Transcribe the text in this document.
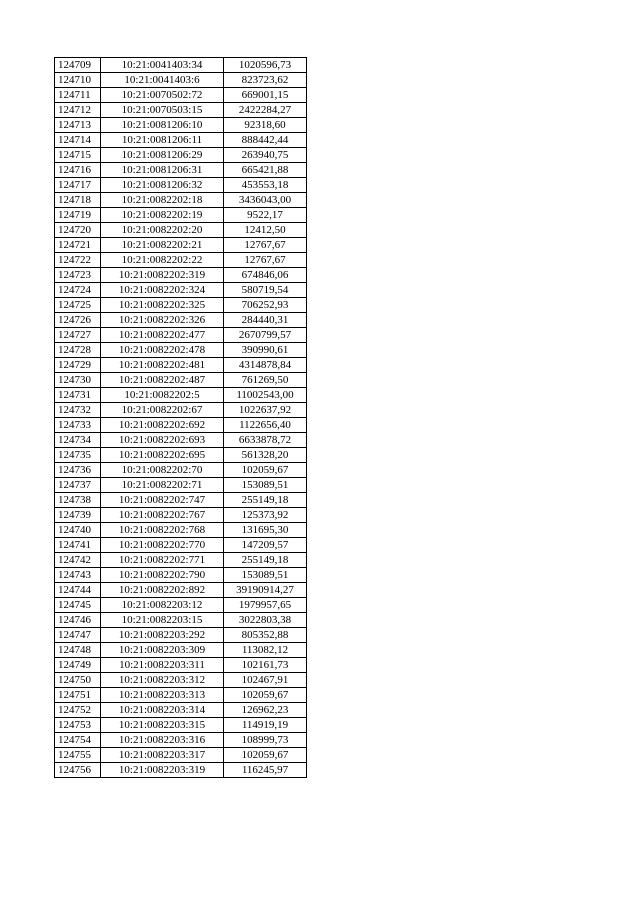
124709	10:21:0041403:34	1020596,73
124710	10:21:0041403:6	823723,62
124711	10:21:0070502:72	669001,15
124712	10:21:0070503:15	2422284,27
124713	10:21:0081206:10	92318,60
124714	10:21:0081206:11	888442,44
124715	10:21:0081206:29	263940,75
124716	10:21:0081206:31	665421,88
124717	10:21:0081206:32	453553,18
124718	10:21:0082202:18	3436043,00
124719	10:21:0082202:19	9522,17
124720	10:21:0082202:20	12412,50
124721	10:21:0082202:21	12767,67
124722	10:21:0082202:22	12767,67
124723	10:21:0082202:319	674846,06
124724	10:21:0082202:324	580719,54
124725	10:21:0082202:325	706252,93
124726	10:21:0082202:326	284440,31
124727	10:21:0082202:477	2670799,57
124728	10:21:0082202:478	390990,61
124729	10:21:0082202:481	4314878,84
124730	10:21:0082202:487	761269,50
124731	10:21:0082202:5	11002543,00
124732	10:21:0082202:67	1022637,92
124733	10:21:0082202:692	1122656,40
124734	10:21:0082202:693	6633878,72
124735	10:21:0082202:695	561328,20
124736	10:21:0082202:70	102059,67
124737	10:21:0082202:71	153089,51
124738	10:21:0082202:747	255149,18
124739	10:21:0082202:767	125373,92
124740	10:21:0082202:768	131695,30
124741	10:21:0082202:770	147209,57
124742	10:21:0082202:771	255149,18
124743	10:21:0082202:790	153089,51
124744	10:21:0082202:892	39190914,27
124745	10:21:0082203:12	1979957,65
124746	10:21:0082203:15	3022803,38
124747	10:21:0082203:292	805352,88
124748	10:21:0082203:309	113082,12
124749	10:21:0082203:311	102161,73
124750	10:21:0082203:312	102467,91
124751	10:21:0082203:313	102059,67
124752	10:21:0082203:314	126962,23
124753	10:21:0082203:315	114919,19
124754	10:21:0082203:316	108999,73
124755	10:21:0082203:317	102059,67
124756	10:21:0082203:319	116245,97
